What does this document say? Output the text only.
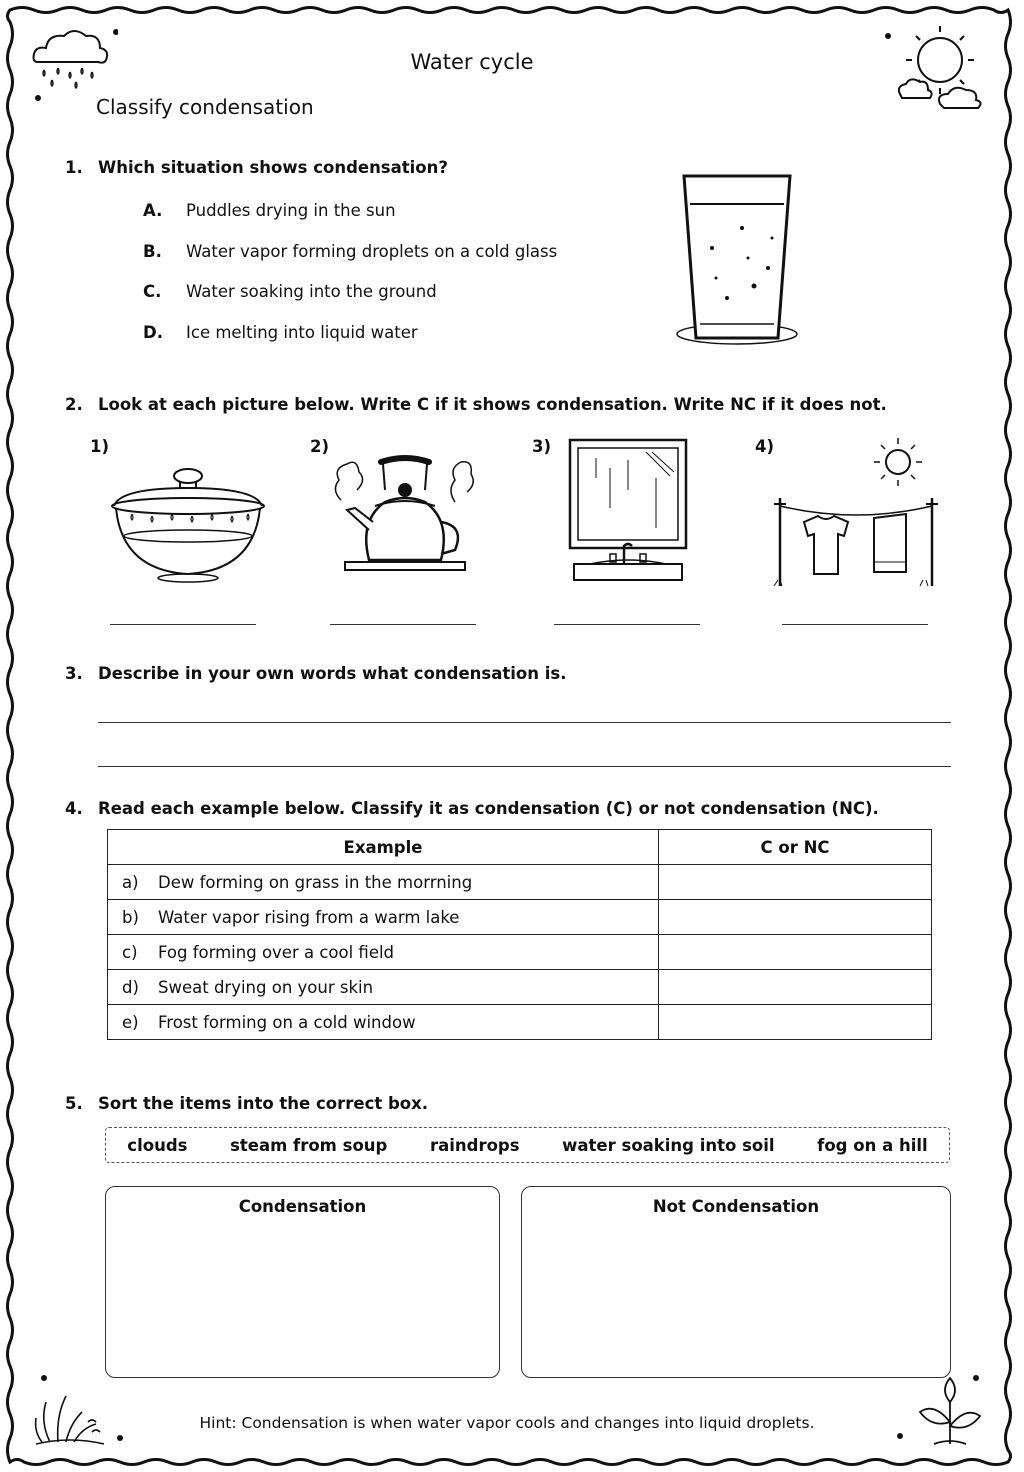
Water cycle
Classify condensation
1. Which situation shows condensation?
A. Puddles drying in the sun
B. Water vapor forming droplets on a cold glass
C. Water soaking into the ground
D. Ice melting into liquid water
2. Look at each picture below. Write C if it shows condensation. Write NC if it does not.
1)	2)	3)	4)
3. Describe in your own words what condensation is.
4. Read each example below. Classify it as condensation (C) or not condensation (NC).
Example	C or NC
a) Dew forming on grass in the morrning	
b) Water vapor rising from a warm lake	
c) Fog forming over a cool field	
d) Sweat drying on your skin	
e) Frost forming on a cold window	
5. Sort the items into the correct box.
clouds	steam from soup	raindrops	water soaking into soil	fog on a hill
Condensation	Not Condensation
Hint: Condensation is when water vapor cools and changes into liquid droplets.
